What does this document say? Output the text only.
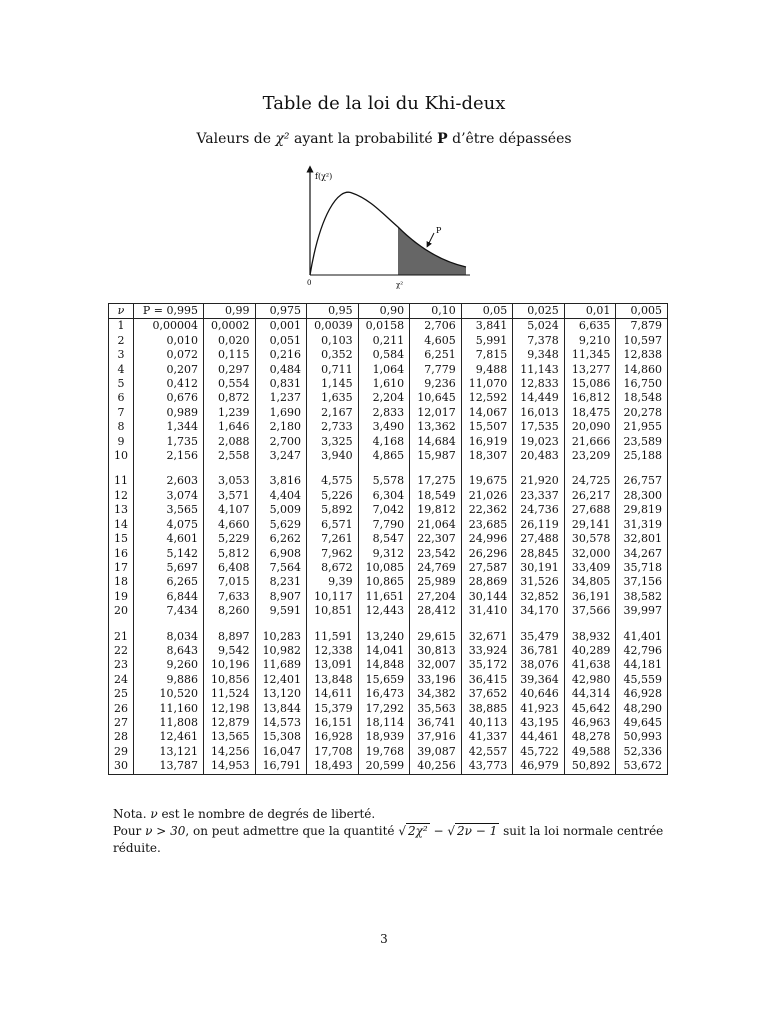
Table de la loi du Khi-deux
Valeurs de χ² ayant la probabilité P d’être dépassées
f(χ²)
P
0	χ²
ν	P = 0,995	0,99	0,975	0,95	0,90	0,10	0,05	0,025	0,01	0,005
1	0,00004	0,0002	0,001	0,0039	0,0158	2,706	3,841	5,024	6,635	7,879
2	0,010	0,020	0,051	0,103	0,211	4,605	5,991	7,378	9,210	10,597
3	0,072	0,115	0,216	0,352	0,584	6,251	7,815	9,348	11,345	12,838
4	0,207	0,297	0,484	0,711	1,064	7,779	9,488	11,143	13,277	14,860
5	0,412	0,554	0,831	1,145	1,610	9,236	11,070	12,833	15,086	16,750
6	0,676	0,872	1,237	1,635	2,204	10,645	12,592	14,449	16,812	18,548
7	0,989	1,239	1,690	2,167	2,833	12,017	14,067	16,013	18,475	20,278
8	1,344	1,646	2,180	2,733	3,490	13,362	15,507	17,535	20,090	21,955
9	1,735	2,088	2,700	3,325	4,168	14,684	16,919	19,023	21,666	23,589
10	2,156	2,558	3,247	3,940	4,865	15,987	18,307	20,483	23,209	25,188

11	2,603	3,053	3,816	4,575	5,578	17,275	19,675	21,920	24,725	26,757
12	3,074	3,571	4,404	5,226	6,304	18,549	21,026	23,337	26,217	28,300
13	3,565	4,107	5,009	5,892	7,042	19,812	22,362	24,736	27,688	29,819
14	4,075	4,660	5,629	6,571	7,790	21,064	23,685	26,119	29,141	31,319
15	4,601	5,229	6,262	7,261	8,547	22,307	24,996	27,488	30,578	32,801
16	5,142	5,812	6,908	7,962	9,312	23,542	26,296	28,845	32,000	34,267
17	5,697	6,408	7,564	8,672	10,085	24,769	27,587	30,191	33,409	35,718
18	6,265	7,015	8,231	9,39	10,865	25,989	28,869	31,526	34,805	37,156
19	6,844	7,633	8,907	10,117	11,651	27,204	30,144	32,852	36,191	38,582
20	7,434	8,260	9,591	10,851	12,443	28,412	31,410	34,170	37,566	39,997

21	8,034	8,897	10,283	11,591	13,240	29,615	32,671	35,479	38,932	41,401
22	8,643	9,542	10,982	12,338	14,041	30,813	33,924	36,781	40,289	42,796
23	9,260	10,196	11,689	13,091	14,848	32,007	35,172	38,076	41,638	44,181
24	9,886	10,856	12,401	13,848	15,659	33,196	36,415	39,364	42,980	45,559
25	10,520	11,524	13,120	14,611	16,473	34,382	37,652	40,646	44,314	46,928
26	11,160	12,198	13,844	15,379	17,292	35,563	38,885	41,923	45,642	48,290
27	11,808	12,879	14,573	16,151	18,114	36,741	40,113	43,195	46,963	49,645
28	12,461	13,565	15,308	16,928	18,939	37,916	41,337	44,461	48,278	50,993
29	13,121	14,256	16,047	17,708	19,768	39,087	42,557	45,722	49,588	52,336
30	13,787	14,953	16,791	18,493	20,599	40,256	43,773	46,979	50,892	53,672
Nota. ν est le nombre de degrés de liberté.
Pour ν > 30, on peut admettre que la quantité √ 2χ² − √ 2ν − 1 suit la loi normale centrée réduite.
3
